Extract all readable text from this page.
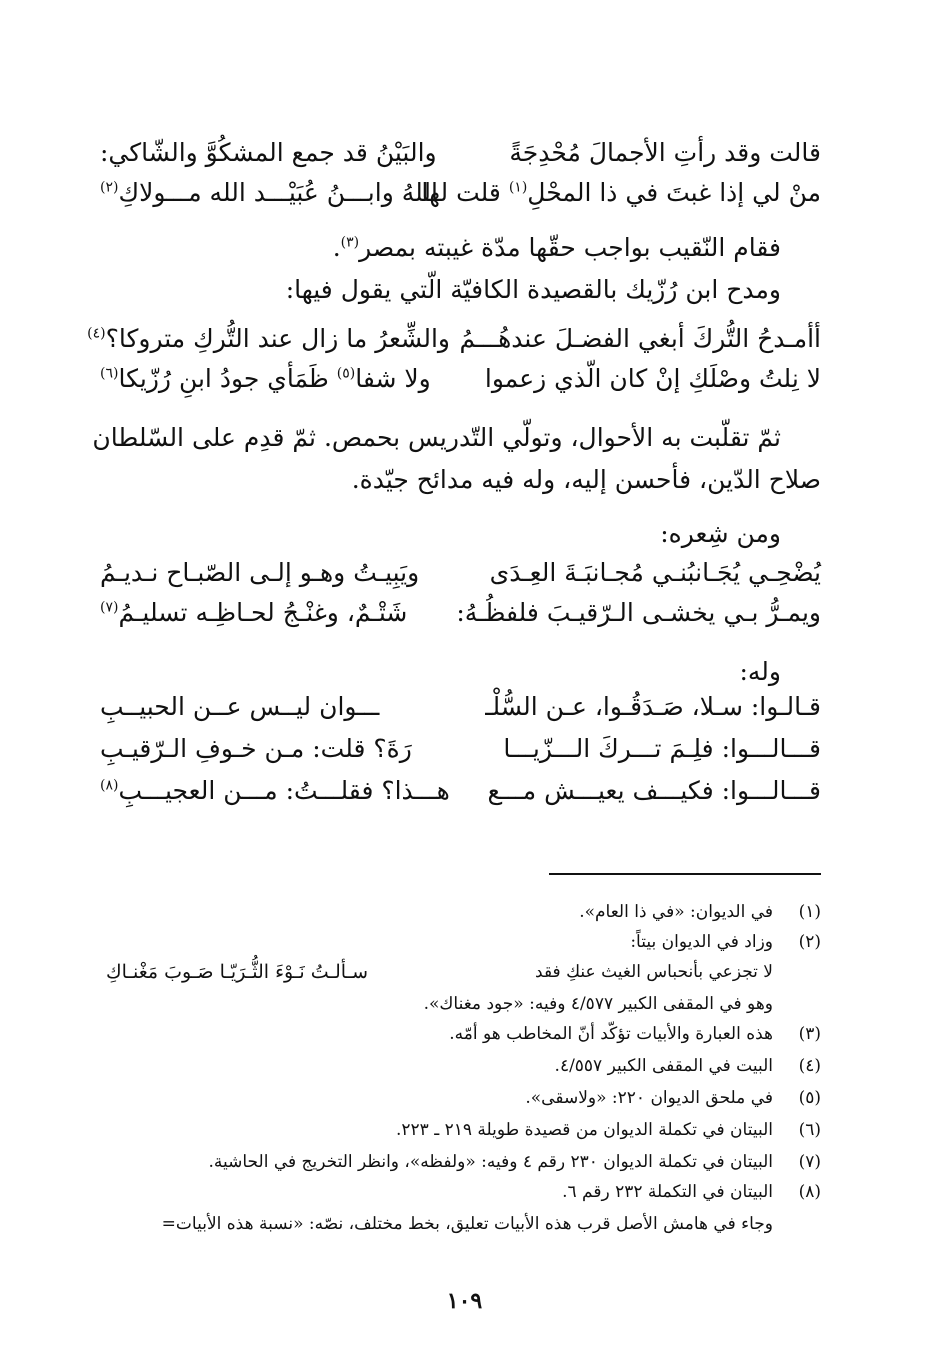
قالت وقد رأتِ الأجمالَ مُحْدِجَةً
والبَيْنُ قد جمع المشكُوَّ والشّاكي:
منْ لي إذا غبتَ في ذا المحْلِ$^{(١)}$ قلت لها
اللهُ وابـــنُ عُبَيْـــد الله مـــولاكِ$^{(٢)}$
فقام النّقيب بواجب حقّها مدّة غيبته بمصر$^{(٣)}$.
ومدح ابن رُزّيك بالقصيدة الكافيّة الّتي يقول فيها:
أأمـدحُ التُّركَ أبغي الفضـلَ عندهُـــمُ
والشِّعرُ ما زال عند التُّركِ متروكا؟$^{(٤)}$
لا نِلتُ وصْلَكِ إنْ كان الّذي زعموا
ولا شفا$^{(٥)}$ ظَمَأي جودُ ابنِ رُزّيكا$^{(٦)}$
ثمّ تقلّبت به الأحوال، وتولّي التّدريس بحمص. ثمّ قدِم على السّلطان
صلاح الدّين، فأحسن إليه، وله فيه مدائح جيّدة.
ومن شِعره:
يُضْحِـي يُجَـانبُنـي مُجـانبَـةَ العِـدَى
ويَبِيـتُ وهـو إلـى الصّبـاح نـديـمُ
ويمـرُّ بـي يخشـى الـرّقيـبَ فلفظُـهُ:
شَتْـمٌ، وغنْـجُ لحـاظِـه تسليـمُ$^{(٧)}$
وله:
قـالـوا: سـلا، صَـدَقُـوا، عـن السُّلْـ
ـــوان ليــس عــن الحبيــبِ
قـــالـــوا: فلِـمَ تـــركَ الـــزّيـــا
رَةَ؟ قلت: مـن خـوفِ الـرّقيـبِ
قـــالـــوا: فكيـــف يعيـــش مـــع
هـــذا؟ فقلـــتُ: مـــن العجيـــبِ$^{(٨)}$
(١)
في الديوان: «في ذا العام».
(٢)
وزاد في الديوان بيتاً:
لا تجزعي بأنحباس الغيث عنكِ فقد
سـألـتُ نَـوْءَ الثُّـرَيّـا صَـوبَ مَغْنـاكِ
وهو في المقفى الكبير ٤/٥٧٧ وفيه: «جود مغناك».
(٣)
هذه العبارة والأبيات تؤكّد أنّ المخاطب هو أمّه.
(٤)
البيت في المقفى الكبير ٤/٥٥٧.
(٥)
في ملحق الديوان ٢٢٠: «ولاسقى».
(٦)
البيتان في تكملة الديوان من قصيدة طويلة ٢١٩ ـ ٢٢٣.
(٧)
البيتان في تكملة الديوان ٢٣٠ رقم ٤ وفيه: «ولفظه»، وانظر التخريج في الحاشية.
(٨)
البيتان في التكملة ٢٣٢ رقم ٦.
وجاء في هامش الأصل قرب هذه الأبيات تعليق، بخط مختلف، نصّه: «نسبة هذه الأبيات=
١٠٩
